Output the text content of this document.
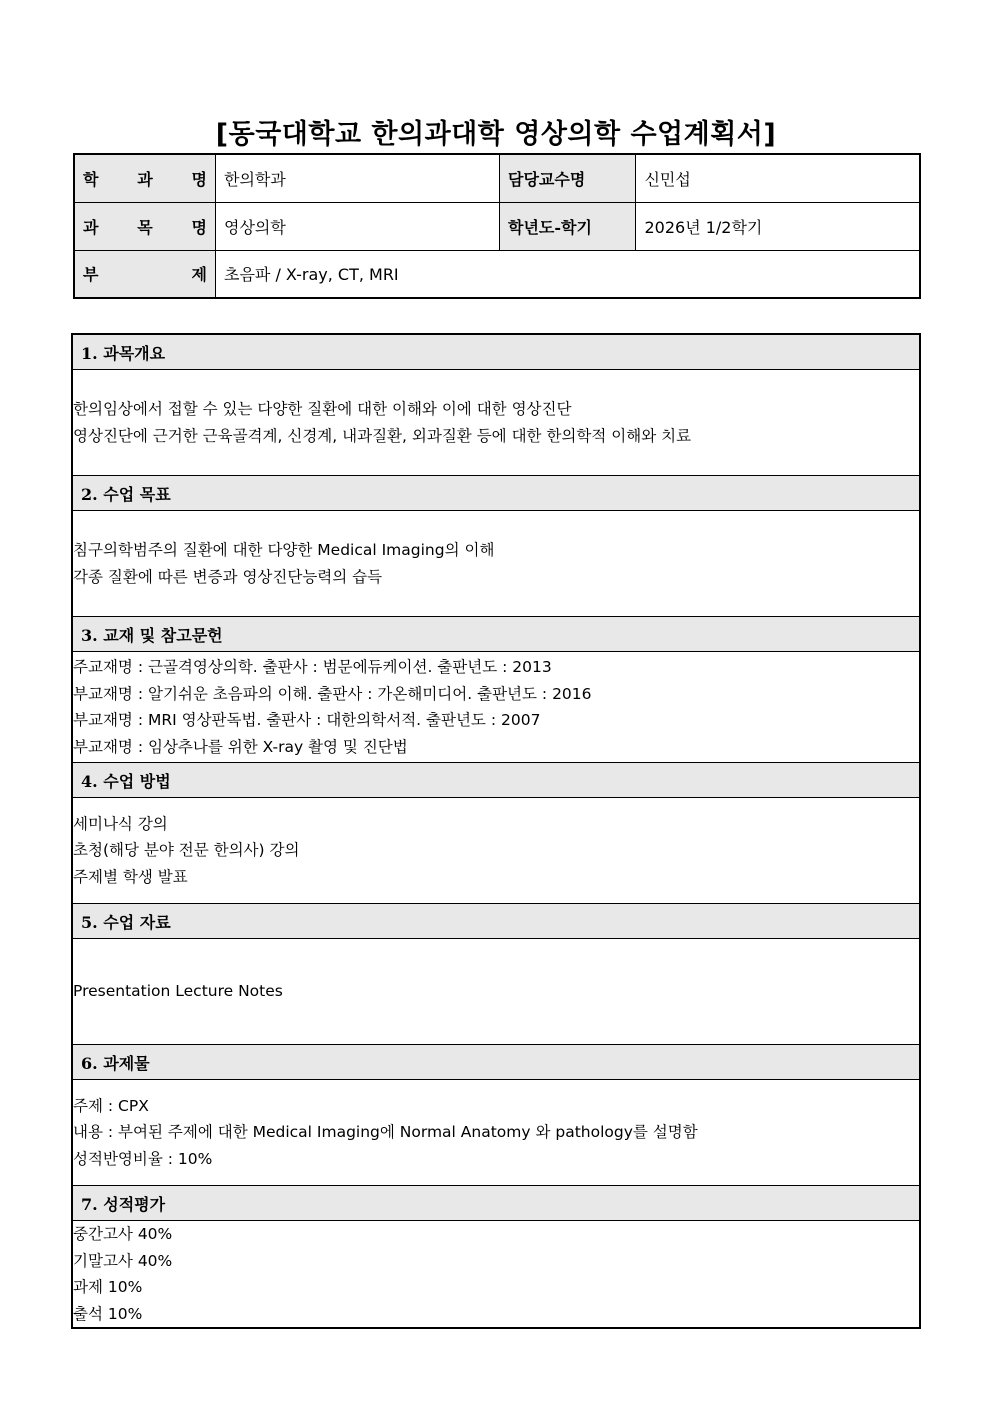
[동국대학교 한의과대학 영상의학 수업계획서]
학 과 명	한의학과	담당교수명	신민섭
과 목 명	영상의학	학년도-학기	2026년 1/2학기
부 제	초음파 / X-ray, CT, MRI		
1. 과목개요
한의임상에서 접할 수 있는 다양한 질환에 대한 이해와 이에 대한 영상진단
영상진단에 근거한 근육골격계, 신경계, 내과질환, 외과질환 등에 대한 한의학적 이해와 치료
2. 수업 목표
침구의학범주의 질환에 대한 다양한 Medical Imaging의 이해
각종 질환에 따른 변증과 영상진단능력의 습득
3. 교재 및 참고문헌
주교재명 : 근골격영상의학. 출판사 : 범문에듀케이션. 출판년도 : 2013
부교재명 : 알기쉬운 초음파의 이해. 출판사 : 가온해미디어. 출판년도 : 2016
부교재명 : MRI 영상판독법. 출판사 : 대한의학서적. 출판년도 : 2007
부교재명 : 임상추나를 위한 X-ray 촬영 및 진단법
4. 수업 방법
세미나식 강의
초청(해당 분야 전문 한의사) 강의
주제별 학생 발표
5. 수업 자료
Presentation Lecture Notes
6. 과제물
주제 : CPX
내용 : 부여된 주제에 대한 Medical Imaging에 Normal Anatomy 와 pathology를 설명함
성적반영비율 : 10%
7. 성적평가
중간고사 40%
기말고사 40%
과제 10%
출석 10%
